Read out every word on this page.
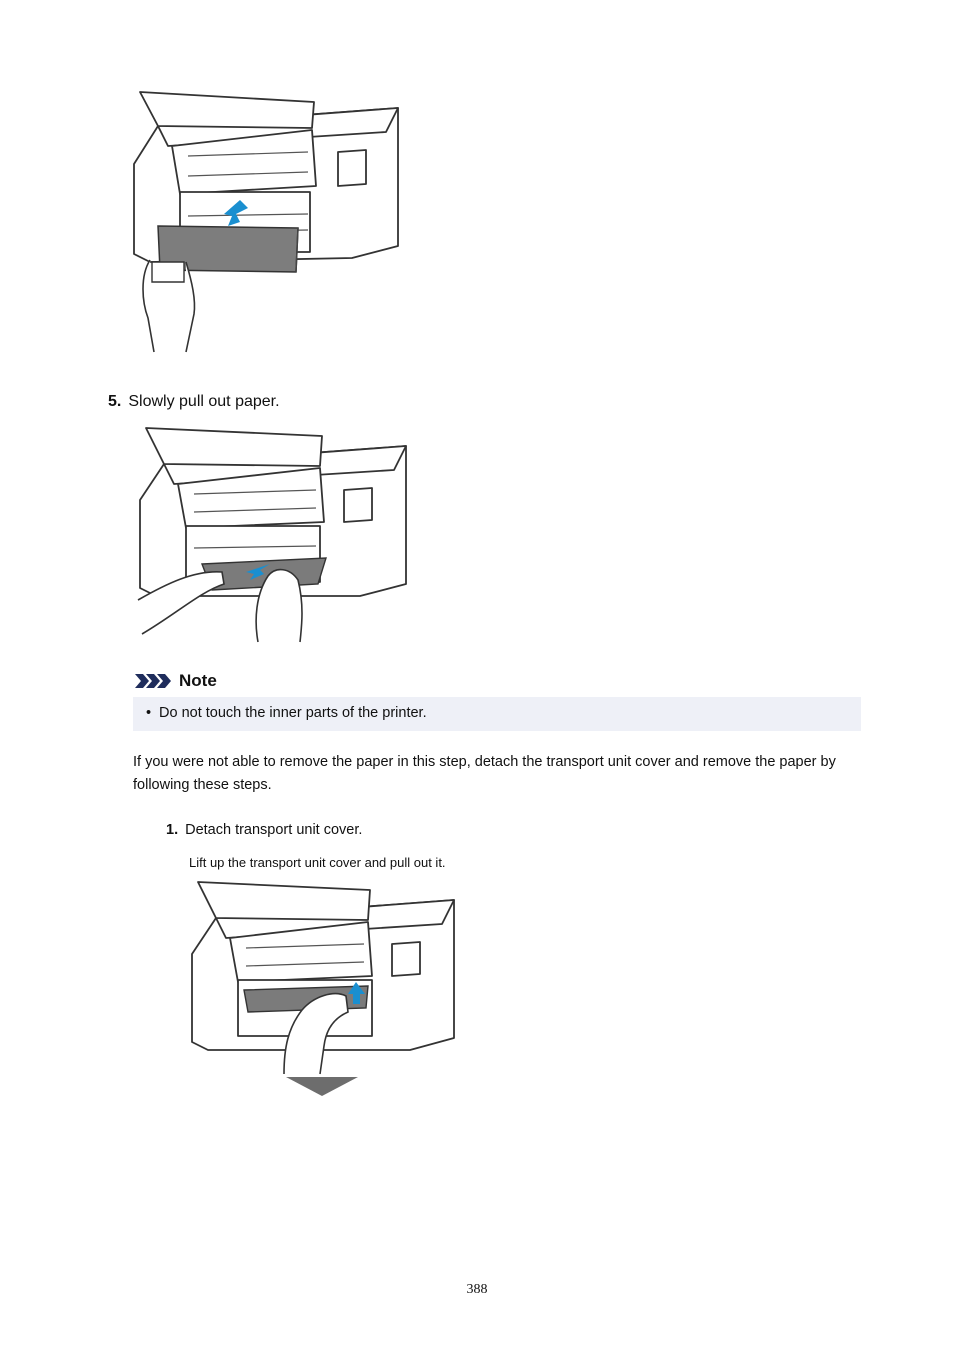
5. Slowly pull out paper.
Note
• Do not touch the inner parts of the printer.
If you were not able to remove the paper in this step, detach the transport unit cover and remove the paper by following these steps.
1. Detach transport unit cover.
Lift up the transport unit cover and pull out it.
388
